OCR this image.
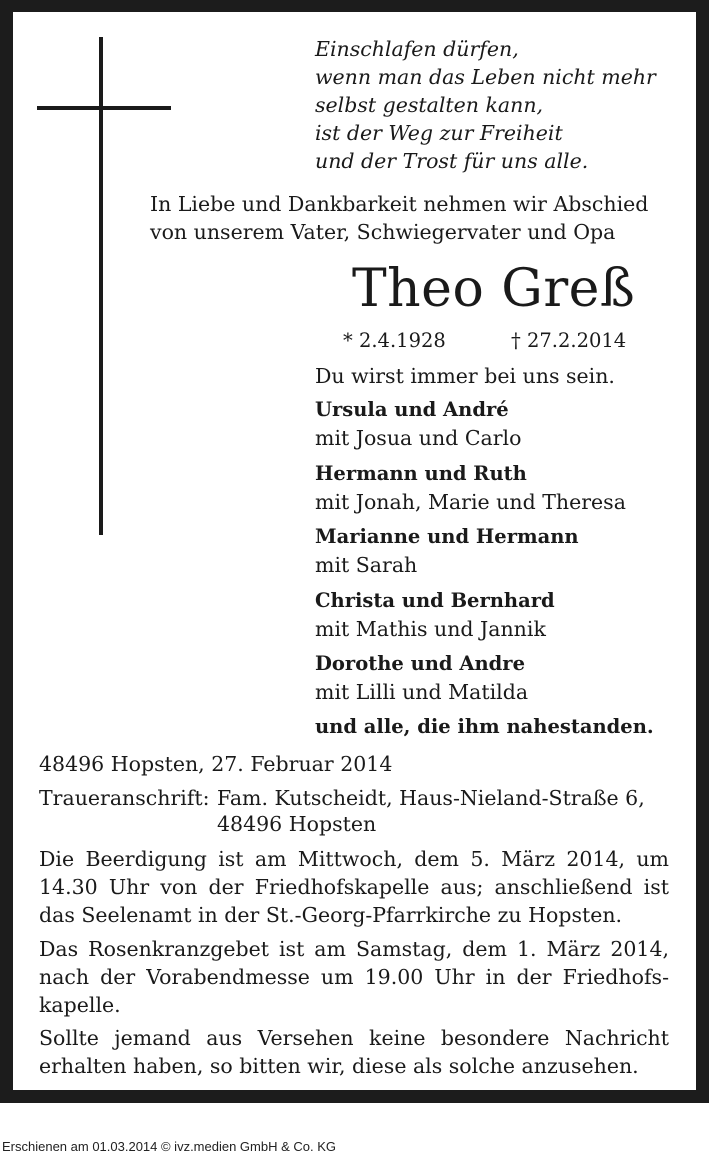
Einschlafen dürfen,
wenn man das Leben nicht mehr
selbst gestalten kann,
ist der Weg zur Freiheit
und der Trost für uns alle.
In Liebe und Dankbarkeit nehmen wir Abschied
von unserem Vater, Schwiegervater und Opa
Theo Greß
* 2.4.1928	† 27.2.2014
Du wirst immer bei uns sein.
Ursula und André
mit Josua und Carlo
Hermann und Ruth
mit Jonah, Marie und Theresa
Marianne und Hermann
mit Sarah
Christa und Bernhard
mit Mathis und Jannik
Dorothe und Andre
mit Lilli und Matilda
und alle, die ihm nahestanden.
48496 Hopsten, 27. Februar 2014
Traueranschrift: Fam. Kutscheidt, Haus-Nieland-Straße 6,
48496 Hopsten
Die Beerdigung ist am Mittwoch, dem 5. März 2014, um 14.30 Uhr von der Friedhofskapelle aus; anschließend ist das Seelenamt in der St.-Georg-Pfarrkirche zu Hopsten.
Das Rosenkranzgebet ist am Samstag, dem 1. März 2014, nach der Vorabendmesse um 19.00 Uhr in der Friedhofs-kapelle.
Sollte jemand aus Versehen keine besondere Nachricht erhalten haben, so bitten wir, diese als solche anzusehen.
Erschienen am 01.03.2014 © ivz.medien GmbH & Co. KG
